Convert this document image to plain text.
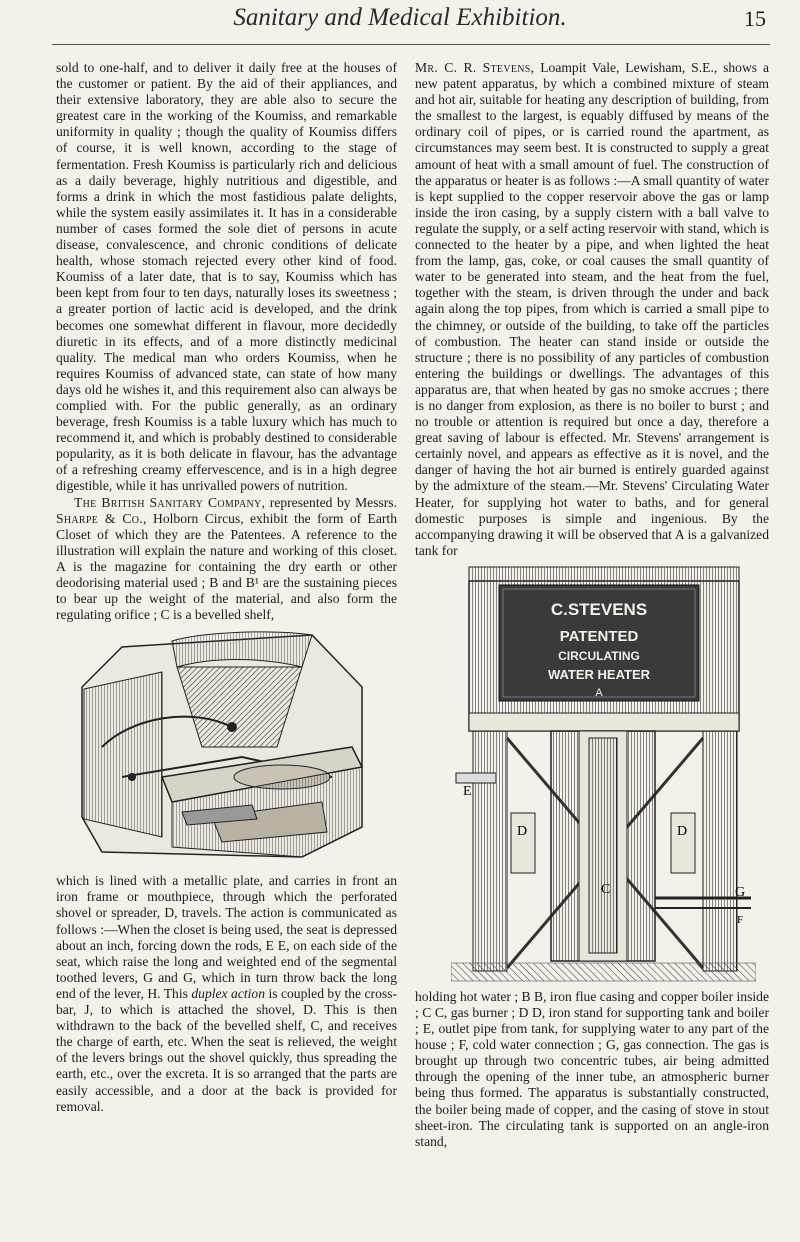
Sanitary and Medical Exhibition.	15

sold to one-half, and to deliver it daily free at the houses of the customer or patient. By the aid of their appliances, and their extensive laboratory, they are able also to secure the greatest care in the working of the Koumiss, and remarkable uniformity in quality ; though the quality of Koumiss differs of course, it is well known, according to the stage of fermentation. Fresh Koumiss is particularly rich and delicious as a daily beverage, highly nutritious and digestible, and forms a drink in which the most fastidious palate delights, while the system easily assimilates it. It has in a considerable number of cases formed the sole diet of persons in acute disease, convalescence, and chronic conditions of delicate health, whose stomach rejected every other kind of food. Koumiss of a later date, that is to say, Koumiss which has been kept from four to ten days, naturally loses its sweetness ; a greater portion of lactic acid is developed, and the drink becomes one somewhat different in flavour, more decidedly diuretic in its effects, and of a more distinctly medicinal quality. The medical man who orders Koumiss, when he requires Koumiss of advanced state, can state of how many days old he wishes it, and this requirement also can always be complied with. For the public generally, as an ordinary beverage, fresh Koumiss is a table luxury which has much to recommend it, and which is probably destined to considerable popularity, as it is both delicate in flavour, has the advantage of a refreshing creamy effervescence, and is in a high degree digestible, while it has unrivalled powers of nutrition.

The British Sanitary Company, represented by Messrs. Sharpe & Co., Holborn Circus, exhibit the form of Earth Closet of which they are the Patentees. A reference to the illustration will explain the nature and working of this closet. A is the magazine for containing the dry earth or other deodorising material used ; B and B¹ are the sustaining pieces to bear up the weight of the material, and also form the regulating orifice ; C is a bevelled shelf,

which is lined with a metallic plate, and carries in front an iron frame or mouthpiece, through which the perforated shovel or spreader, D, travels. The action is communicated as follows :—When the closet is being used, the seat is depressed about an inch, forcing down the rods, E E, on each side of the seat, which raise the long and weighted end of the segmental toothed levers, G and G, which in turn throw back the long end of the lever, H. This duplex action is coupled by the cross-bar, J, to which is attached the shovel, D. This is then withdrawn to the back of the bevelled shelf, C, and receives the charge of earth, etc. When the seat is relieved, the weight of the levers brings out the shovel quickly, thus spreading the earth, etc., over the excreta. It is so arranged that the parts are easily accessible, and a door at the back is provided for removal.

Mr. C. R. Stevens, Loampit Vale, Lewisham, S.E., shows a new patent apparatus, by which a combined mixture of steam and hot air, suitable for heating any description of building, from the smallest to the largest, is equably diffused by means of the ordinary coil of pipes, or is carried round the apartment, as circumstances may seem best. It is constructed to supply a great amount of heat with a small amount of fuel. The construction of the apparatus or heater is as follows :—A small quantity of water is kept supplied to the copper reservoir above the gas or lamp inside the iron casing, by a supply cistern with a ball valve to regulate the supply, or a self acting reservoir with stand, which is connected to the heater by a pipe, and when lighted the heat from the lamp, gas, coke, or coal causes the small quantity of water to be generated into steam, and the heat from the fuel, together with the steam, is driven through the under and back again along the top pipes, from which is carried a small pipe to the chimney, or outside of the building, to take off the particles of combustion. The heater can stand inside or outside the structure ; there is no possibility of any particles of combustion entering the buildings or dwellings. The advantages of this apparatus are, that when heated by gas no smoke accrues ; there is no danger from explosion, as there is no boiler to burst ; and no trouble or attention is required but once a day, therefore a great saving of labour is effected. Mr. Stevens' arrangement is certainly novel, and appears as effective as it is novel, and the danger of having the hot air burned is entirely guarded against by the admixture of the steam.—Mr. Stevens' Circulating Water Heater, for supplying hot water to baths, and for general domestic purposes is simple and ingenious. By the accompanying drawing it will be observed that A is a galvanized tank for

C.STEVENS
PATENTED
CIRCULATING
WATER HEATER
A
E
D	D
C	G
F

holding hot water ; B B, iron flue casing and copper boiler inside ; C C, gas burner ; D D, iron stand for supporting tank and boiler ; E, outlet pipe from tank, for supplying water to any part of the house ; F, cold water connection ; G, gas connection. The gas is brought up through two concentric tubes, air being admitted through the opening of the inner tube, an atmospheric burner being thus formed. The apparatus is substantially constructed, the boiler being made of copper, and the casing of stove in stout sheet-iron. The circulating tank is supported on an angle-iron stand,
